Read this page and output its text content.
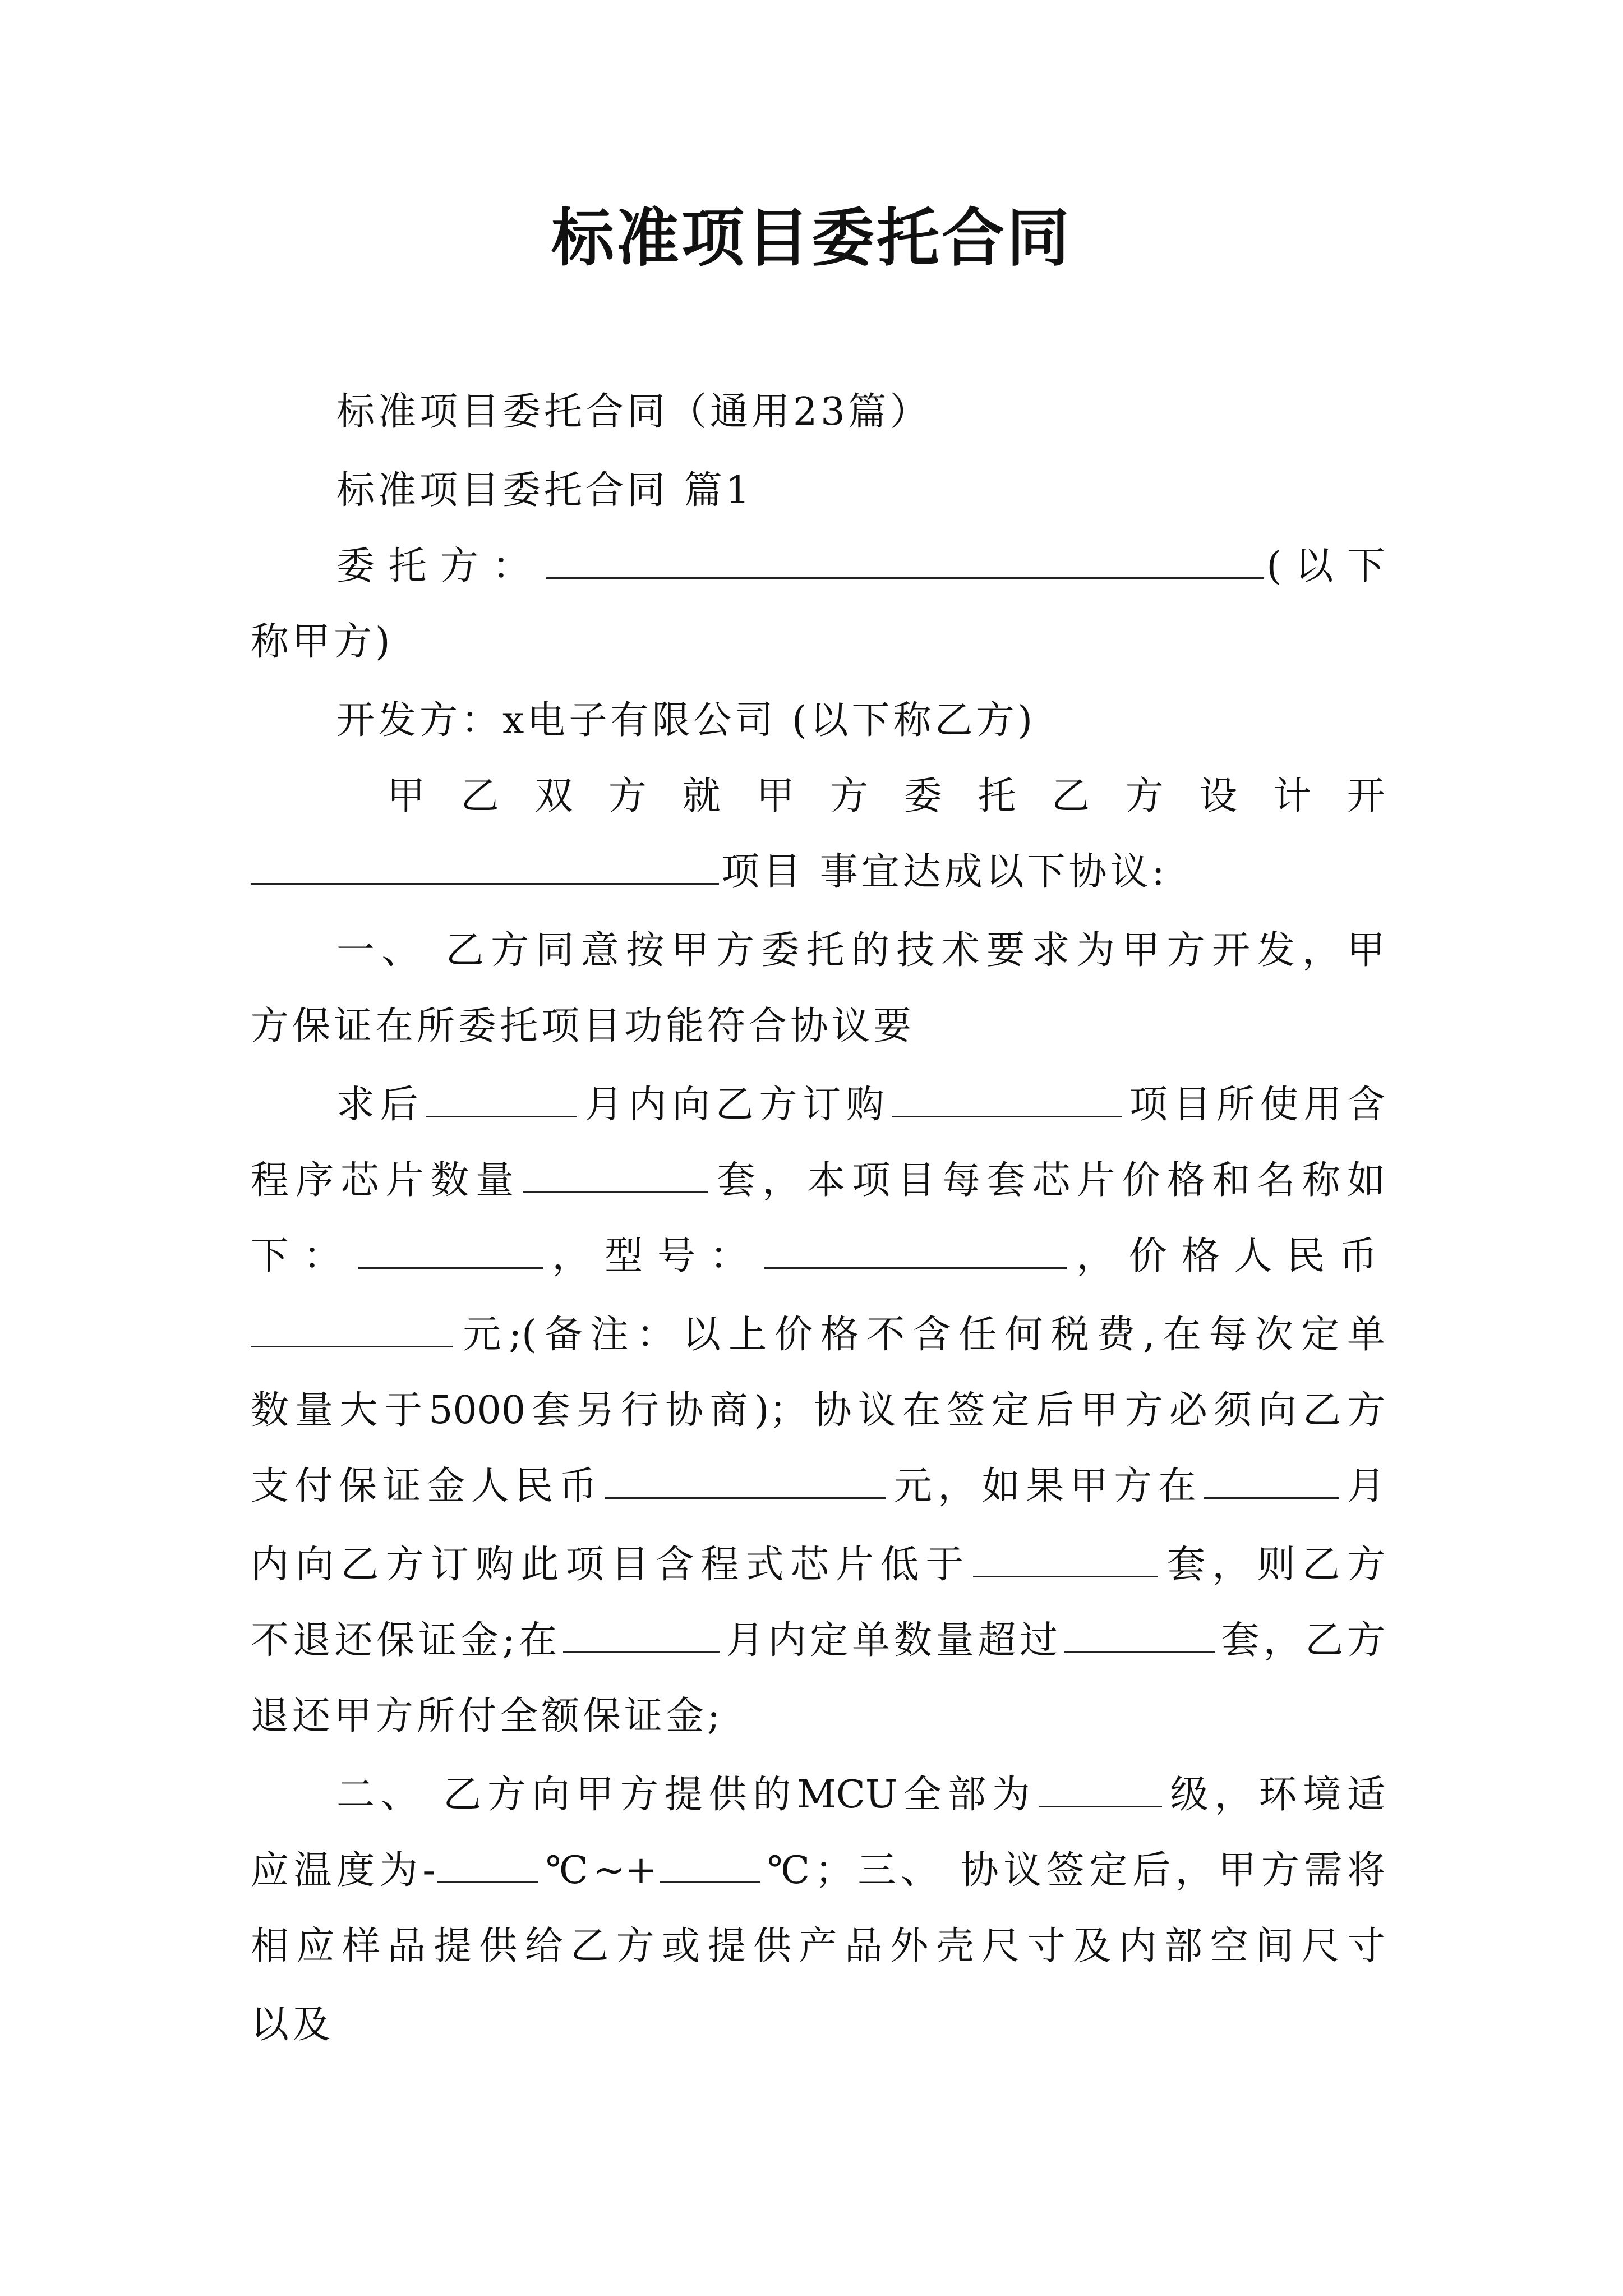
标准项目委托合同
标准项目委托合同（通用23篇）
标准项目委托合同 篇1
委托方：	(以下
称甲方)
开发方：x电子有限公司 (以下称乙方)
甲 乙 双 方 就 甲 方 委 托 乙 方 设 计 开
项目 事宜达成以下协议:
一、 乙方同意按甲方委托的技术要求为甲方开发，甲
方保证在所委托项目功能符合协议要
求后	月内向乙方订购	项目所使用含
程序芯片数量	套，本项目每套芯片价格和名称如
下：	，型号：	，价格人民币
元;(备注：以上价格不含任何税费,在每次定单
数量大于5000套另行协商)；协议在签定后甲方必须向乙方
支付保证金人民币	元，如果甲方在	月
内向乙方订购此项目含程式芯片低于	套，则乙方
不退还保证金;在	月内定单数量超过	套，乙方
退还甲方所付全额保证金;
二、 乙方向甲方提供的MCU全部为	级，环境适
应温度为-	℃~+	℃；三、 协议签定后，甲方需将
相应样品提供给乙方或提供产品外壳尺寸及内部空间尺寸
以及
